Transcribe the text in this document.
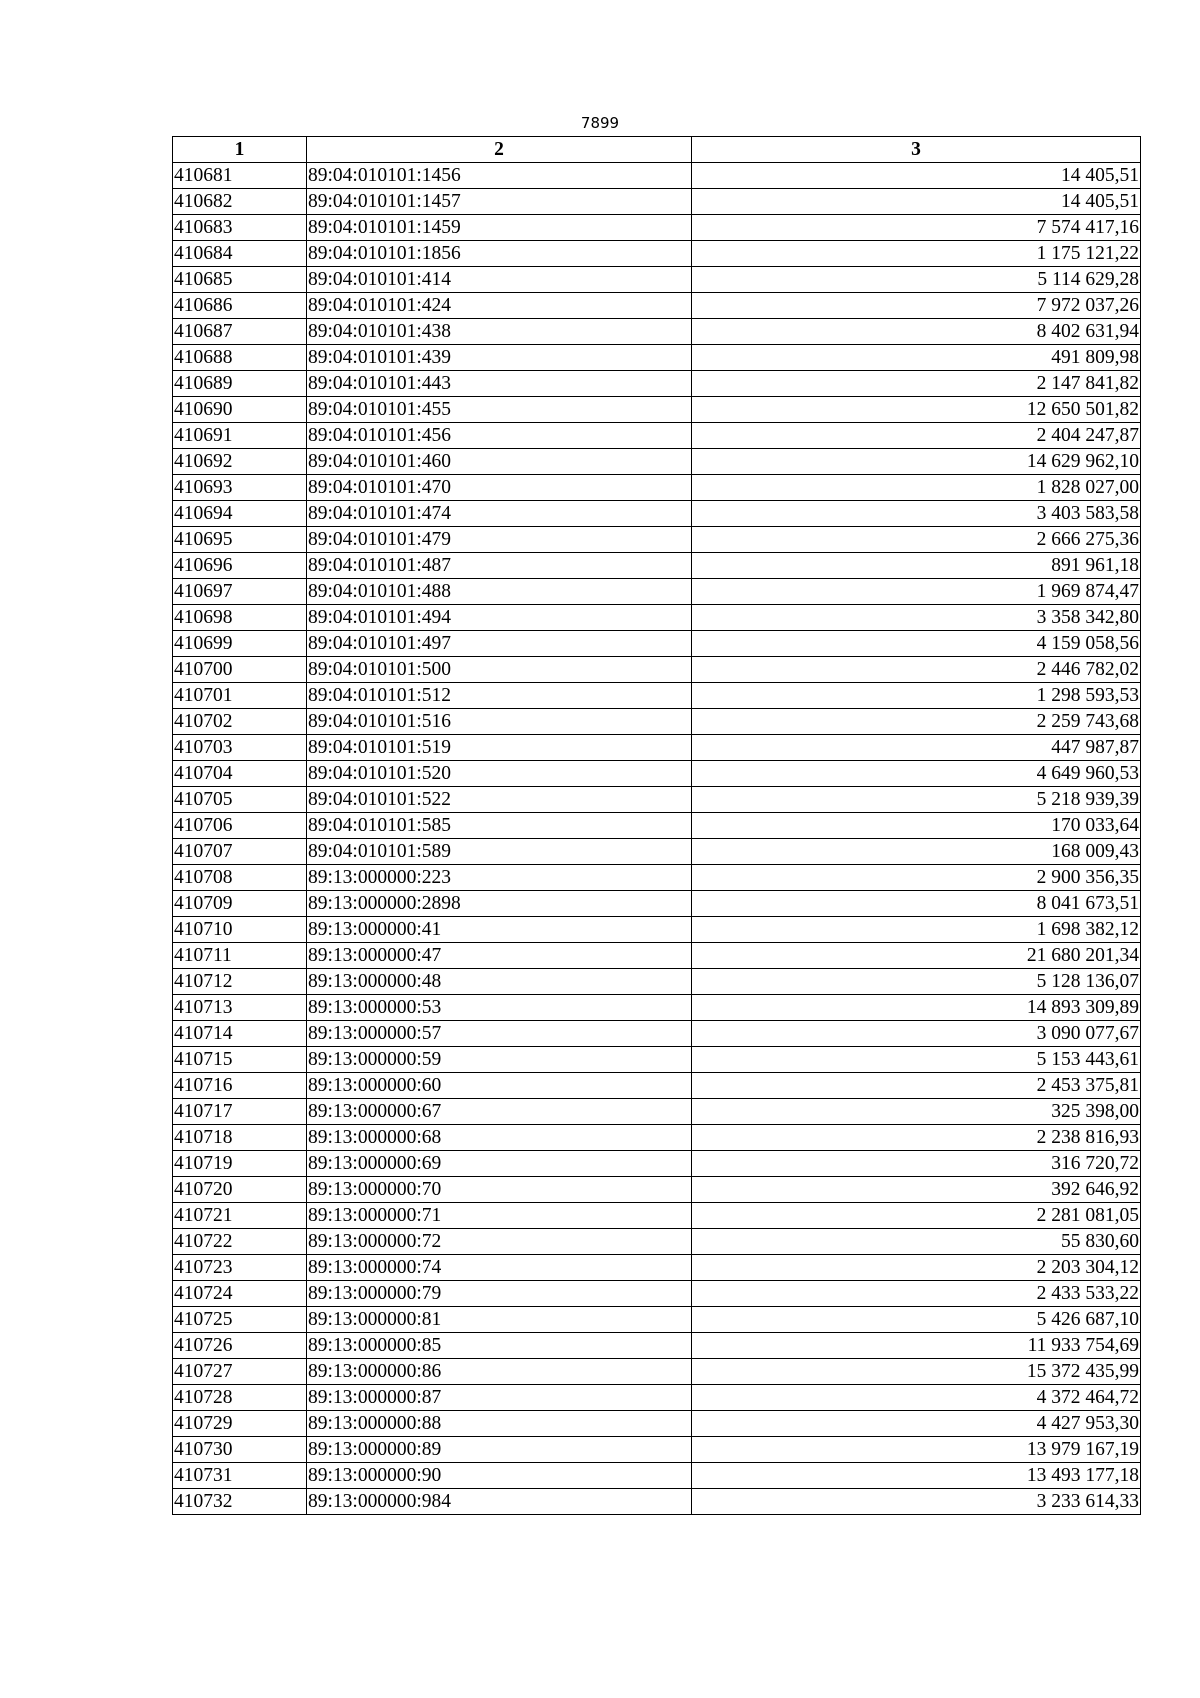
7899
1	2	3
410681	89:04:010101:1456	14 405,51
410682	89:04:010101:1457	14 405,51
410683	89:04:010101:1459	7 574 417,16
410684	89:04:010101:1856	1 175 121,22
410685	89:04:010101:414	5 114 629,28
410686	89:04:010101:424	7 972 037,26
410687	89:04:010101:438	8 402 631,94
410688	89:04:010101:439	491 809,98
410689	89:04:010101:443	2 147 841,82
410690	89:04:010101:455	12 650 501,82
410691	89:04:010101:456	2 404 247,87
410692	89:04:010101:460	14 629 962,10
410693	89:04:010101:470	1 828 027,00
410694	89:04:010101:474	3 403 583,58
410695	89:04:010101:479	2 666 275,36
410696	89:04:010101:487	891 961,18
410697	89:04:010101:488	1 969 874,47
410698	89:04:010101:494	3 358 342,80
410699	89:04:010101:497	4 159 058,56
410700	89:04:010101:500	2 446 782,02
410701	89:04:010101:512	1 298 593,53
410702	89:04:010101:516	2 259 743,68
410703	89:04:010101:519	447 987,87
410704	89:04:010101:520	4 649 960,53
410705	89:04:010101:522	5 218 939,39
410706	89:04:010101:585	170 033,64
410707	89:04:010101:589	168 009,43
410708	89:13:000000:223	2 900 356,35
410709	89:13:000000:2898	8 041 673,51
410710	89:13:000000:41	1 698 382,12
410711	89:13:000000:47	21 680 201,34
410712	89:13:000000:48	5 128 136,07
410713	89:13:000000:53	14 893 309,89
410714	89:13:000000:57	3 090 077,67
410715	89:13:000000:59	5 153 443,61
410716	89:13:000000:60	2 453 375,81
410717	89:13:000000:67	325 398,00
410718	89:13:000000:68	2 238 816,93
410719	89:13:000000:69	316 720,72
410720	89:13:000000:70	392 646,92
410721	89:13:000000:71	2 281 081,05
410722	89:13:000000:72	55 830,60
410723	89:13:000000:74	2 203 304,12
410724	89:13:000000:79	2 433 533,22
410725	89:13:000000:81	5 426 687,10
410726	89:13:000000:85	11 933 754,69
410727	89:13:000000:86	15 372 435,99
410728	89:13:000000:87	4 372 464,72
410729	89:13:000000:88	4 427 953,30
410730	89:13:000000:89	13 979 167,19
410731	89:13:000000:90	13 493 177,18
410732	89:13:000000:984	3 233 614,33
